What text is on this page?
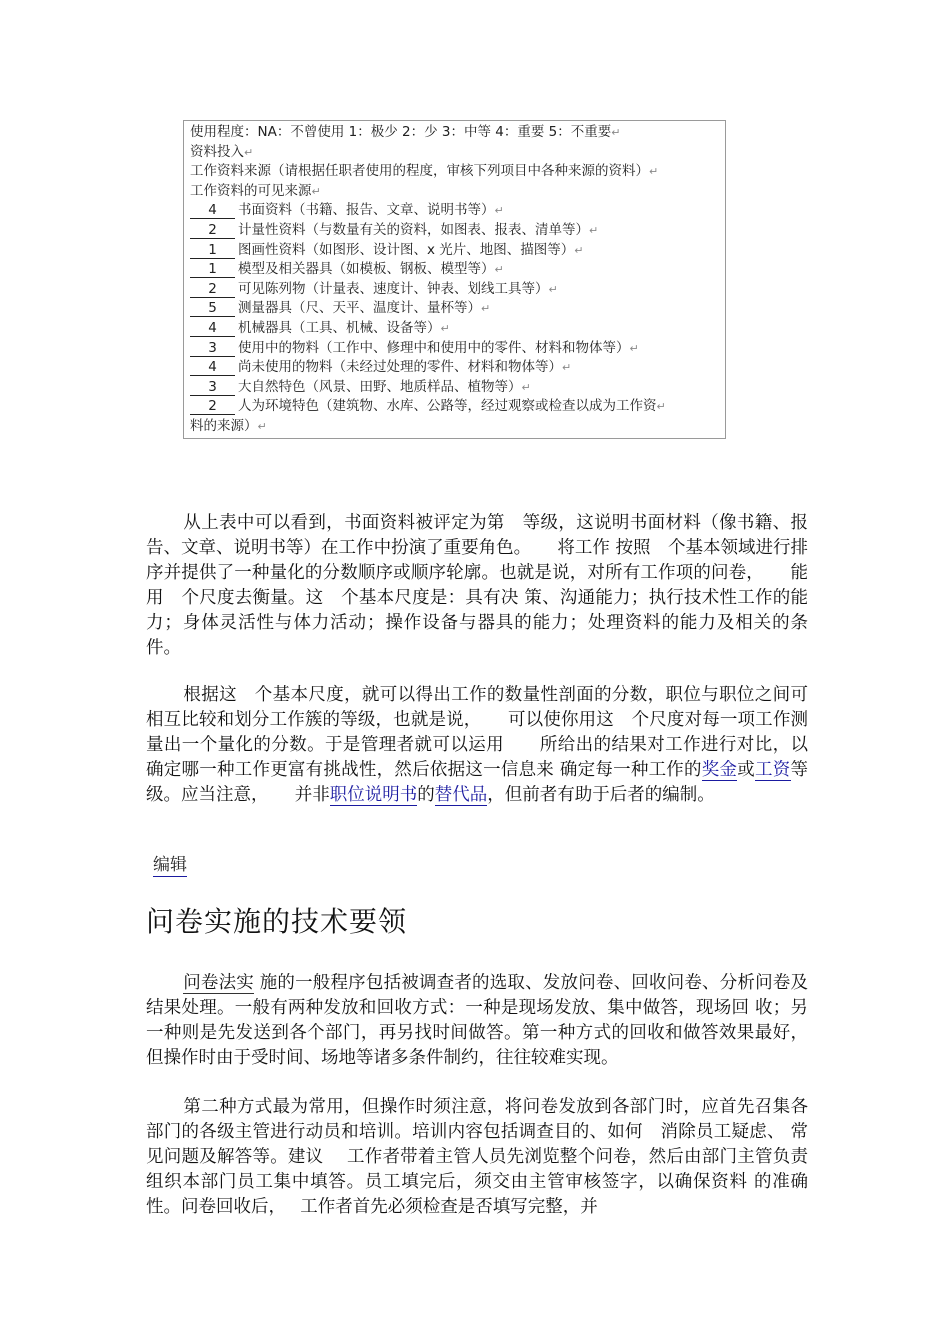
使用程度：NA：不曾使用 1：极少 2：少 3：中等 4：重要 5：不重要↵
资料投入↵
工作资料来源（请根据任职者使用的程度，审核下列项目中各种来源的资料）↵
工作资料的可见来源↵
4 书面资料（书籍、报告、文章、说明书等）↵
2 计量性资料（与数量有关的资料，如图表、报表、清单等）↵
1 图画性资料（如图形、设计图、x 光片、地图、描图等）↵
1 模型及相关器具（如模板、钢板、模型等）↵
2 可见陈列物（计量表、速度计、钟表、划线工具等）↵
5 测量器具（尺、天平、温度计、量杯等）↵
4 机械器具（工具、机械、设备等）↵
3 使用中的物料（工作中、修理中和使用中的零件、材料和物体等）↵
4 尚未使用的物料（未经过处理的零件、材料和物体等）↵
3 大自然特色（风景、田野、地质样品、植物等）↵
2 人为环境特色（建筑物、水库、公路等，经过观察或检查以成为工作资↵
料的来源）↵
从上表中可以看到，书面资料被评定为第　等级，这说明书面材料（像书籍、报告、文章、说明书等）在工作中扮演了重要角色。　　将工作 按照　个基本领域进行排序并提供了一种量化的分数顺序或顺序轮廓。也就是说，对所有工作项的问卷，　　能用　个尺度去衡量。这　个基本尺度是：具有决 策、沟通能力；执行技术性工作的能力；身体灵活性与体力活动；操作设备与器具的能力；处理资料的能力及相关的条件。
根据这　个基本尺度，就可以得出工作的数量性剖面的分数，职位与职位之间可相互比较和划分工作簇的等级，也就是说，　　可以使你用这　个尺度对每一项工作测量出一个量化的分数。于是管理者就可以运用　　所给出的结果对工作进行对比，以确定哪一种工作更富有挑战性，然后依据这一信息来 确定每一种工作的奖金或工资等级。应当注意，　　并非职位说明书的替代品，但前者有助于后者的编制。
编辑
问卷实施的技术要领
问卷法实 施的一般程序包括被调查者的选取、发放问卷、回收问卷、分析问卷及结果处理。一般有两种发放和回收方式：一种是现场发放、集中做答，现场回 收；另一种则是先发送到各个部门，再另找时间做答。第一种方式的回收和做答效果最好，但操作时由于受时间、场地等诸多条件制约，往往较难实现。
第二种方式最为常用，但操作时须注意，将问卷发放到各部门时，应首先召集各部门的各级主管进行动员和培训。培训内容包括调查目的、如何　消除员工疑虑、 常见问题及解答等。建议　 工作者带着主管人员先浏览整个问卷，然后由部门主管负责组织本部门员工集中填答。员工填完后，须交由主管审核签字，以确保资料 的准确性。问卷回收后，　 工作者首先必须检查是否填写完整，并
